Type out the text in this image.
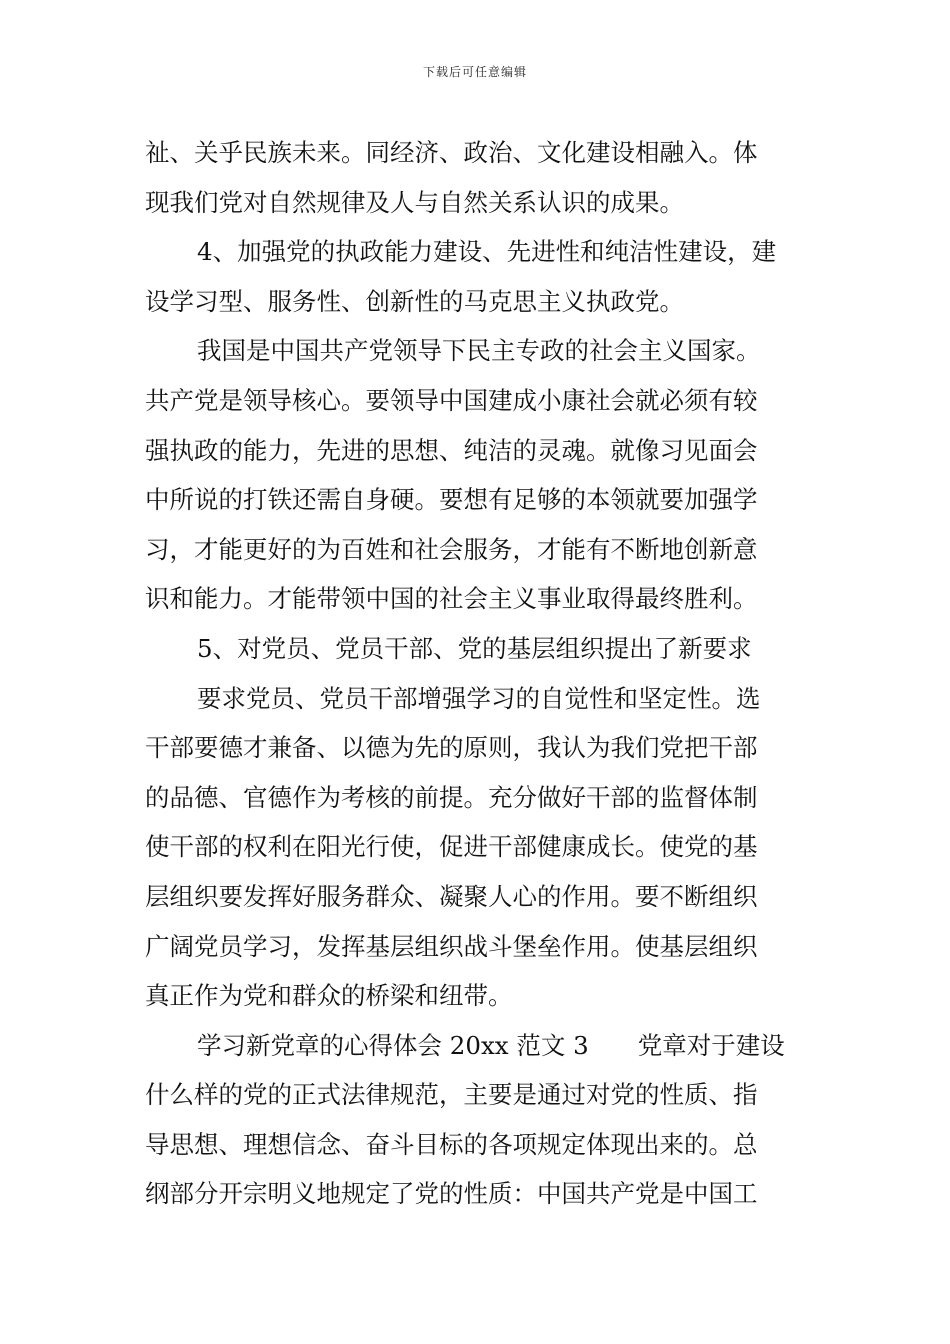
下载后可任意编辑
祉、关乎民族未来。同经济、政治、文化建设相融入。体
现我们党对自然规律及人与自然关系认识的成果。
4、加强党的执政能力建设、先进性和纯洁性建设，建
设学习型、服务性、创新性的马克思主义执政党。
我国是中国共产党领导下民主专政的社会主义国家。
共产党是领导核心。要领导中国建成小康社会就必须有较
强执政的能力，先进的思想、纯洁的灵魂。就像习见面会
中所说的打铁还需自身硬。要想有足够的本领就要加强学
习，才能更好的为百姓和社会服务，才能有不断地创新意
识和能力。才能带领中国的社会主义事业取得最终胜利。
5、对党员、党员干部、党的基层组织提出了新要求
要求党员、党员干部增强学习的自觉性和坚定性。选
干部要德才兼备、以德为先的原则，我认为我们党把干部
的品德、官德作为考核的前提。充分做好干部的监督体制
使干部的权利在阳光行使，促进干部健康成长。使党的基
层组织要发挥好服务群众、凝聚人心的作用。要不断组织
广阔党员学习，发挥基层组织战斗堡垒作用。使基层组织
真正作为党和群众的桥梁和纽带。
学习新党章的心得体会 20xx 范文 3　　党章对于建设
什么样的党的正式法律规范，主要是通过对党的性质、指
导思想、理想信念、奋斗目标的各项规定体现出来的。总
纲部分开宗明义地规定了党的性质：中国共产党是中国工
